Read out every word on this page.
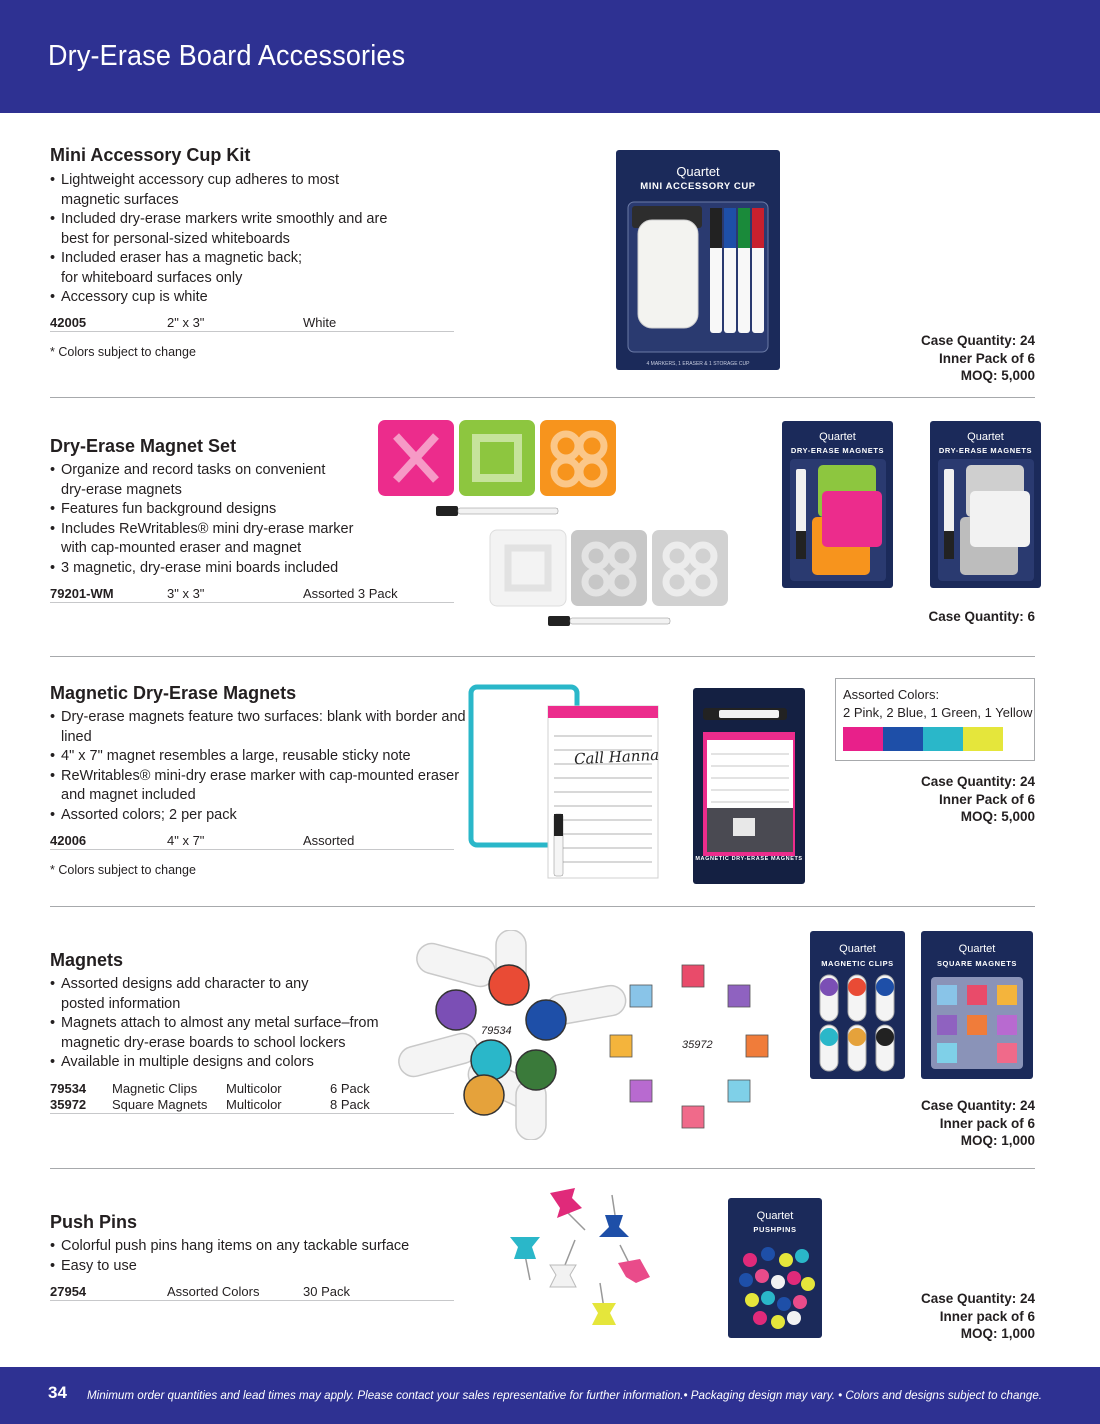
Dry-Erase Board Accessories
Mini Accessory Cup Kit
• Lightweight accessory cup adheres to most
magnetic surfaces
• Included dry-erase markers write smoothly and are
best for personal-sized whiteboards
• Included eraser has a magnetic back;
for whiteboard surfaces only
• Accessory cup is white
42005	2" x 3"	White
* Colors subject to change
Quartet
MINI ACCESSORY CUP
4 MARKERS, 1 ERASER & 1 STORAGE CUP
Case Quantity: 24
Inner Pack of 6
MOQ: 5,000
Dry-Erase Magnet Set
• Organize and record tasks on convenient
dry-erase magnets
• Features fun background designs
• Includes ReWritables® mini dry-erase marker
with cap-mounted eraser and magnet
• 3 magnetic, dry-erase mini boards included
79201-WM	3" x 3"	Assorted 3 Pack
Quartet
DRY-ERASE MAGNETS
Quartet
DRY-ERASE MAGNETS
Case Quantity: 6
Magnetic Dry-Erase Magnets
• Dry-erase magnets feature two surfaces: blank with border and
lined
• 4" x 7" magnet resembles a large, reusable sticky note
• ReWritables® mini-dry erase marker with cap-mounted eraser
and magnet included
• Assorted colors; 2 per pack
42006	4" x 7"	Assorted
* Colors subject to change
Call Hanna
MAGNETIC DRY-ERASE MAGNETS
Assorted Colors:
2 Pink, 2 Blue, 1 Green, 1 Yellow
Case Quantity: 24
Inner Pack of 6
MOQ: 5,000
Magnets
• Assorted designs add character to any
posted information
• Magnets attach to almost any metal surface–from
magnetic dry-erase boards to school lockers
• Available in multiple designs and colors
79534 Magnetic Clips Multicolor	6 Pack
35972 Square Magnets Multicolor	8 Pack
79534
35972
Quartet
MAGNETIC CLIPS
Quartet
SQUARE MAGNETS
Case Quantity: 24
Inner pack of 6
MOQ: 1,000
Push Pins
• Colorful push pins hang items on any tackable surface
• Easy to use
27954	Assorted Colors	30 Pack
Quartet
PUSHPINS
Case Quantity: 24
Inner pack of 6
MOQ: 1,000
34 Minimum order quantities and lead times may apply. Please contact your sales representative for further information.• Packaging design may vary. • Colors and designs subject to change.
